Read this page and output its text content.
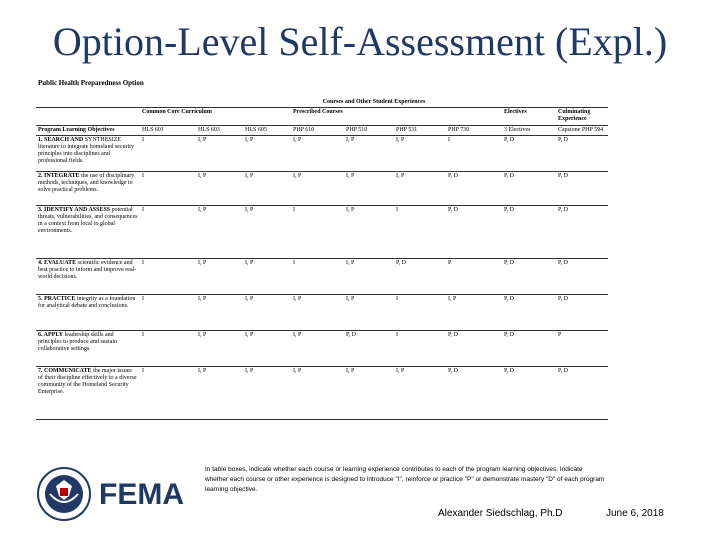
Option-Level Self-Assessment (Expl.)
Public Health Preparedness Option
	Courses and Other Student Experiences								
	Common Core Curriculum			Prescribed Courses				Electives	Culminating Experience
Program Learning Objectives	HLS 601	HLS 603	HLS 605	PHP 610	PHP 510	PHP 531	PHP 730	3 Electives	Capstone PHP 594
1. SEARCH AND SYNTHESIZE literature to integrate homeland security principles into disciplines and professional fields.	I	I, P	I, P	I, P	I, P	I, P	I	P, D	P, D
2. INTEGRATE the use of disciplinary methods, techniques, and knowledge to solve practical problems.	I	I, P	I, P	I, P	I, P	I, P	P, D	P, D	P, D
3. IDENTIFY AND ASSESS potential threats, vulnerabilities, and consequences in a context from local to global environments.	I	I, P	I, P	I	I, P	I	P, D	P, D	P, D
4. EVALUATE scientific evidence and best practice to inform and improve real-world decisions.	I	I, P	I, P	I	I, P	P, D	P	P, D	P, D
5. PRACTICE integrity as a foundation for analytical debate and conclusions.	I	I, P	I, P	I, P	I, P	I	I, P	P, D	P, D
6. APPLY leadership skills and principles to produce and sustain collaborative settings.	I	I, P	I, P	I, P	P, D	I	P, D	P, D	P
7. COMMUNICATE the major issues of their discipline effectively to a diverse community of the Homeland Security Enterprise.	I	I, P	I, P	I, P	I, P	I, P	P, D	P, D	P, D
FEMA
In table boxes, indicate whether each course or learning experience contributes to each of the program learning objectives. Indicate whether each course or other experience is designed to introduce "I", reinforce or practice "P" or demonstrate mastery "D" of each program learning objective.
Alexander Siedschlag, Ph.D	June 6, 2018
